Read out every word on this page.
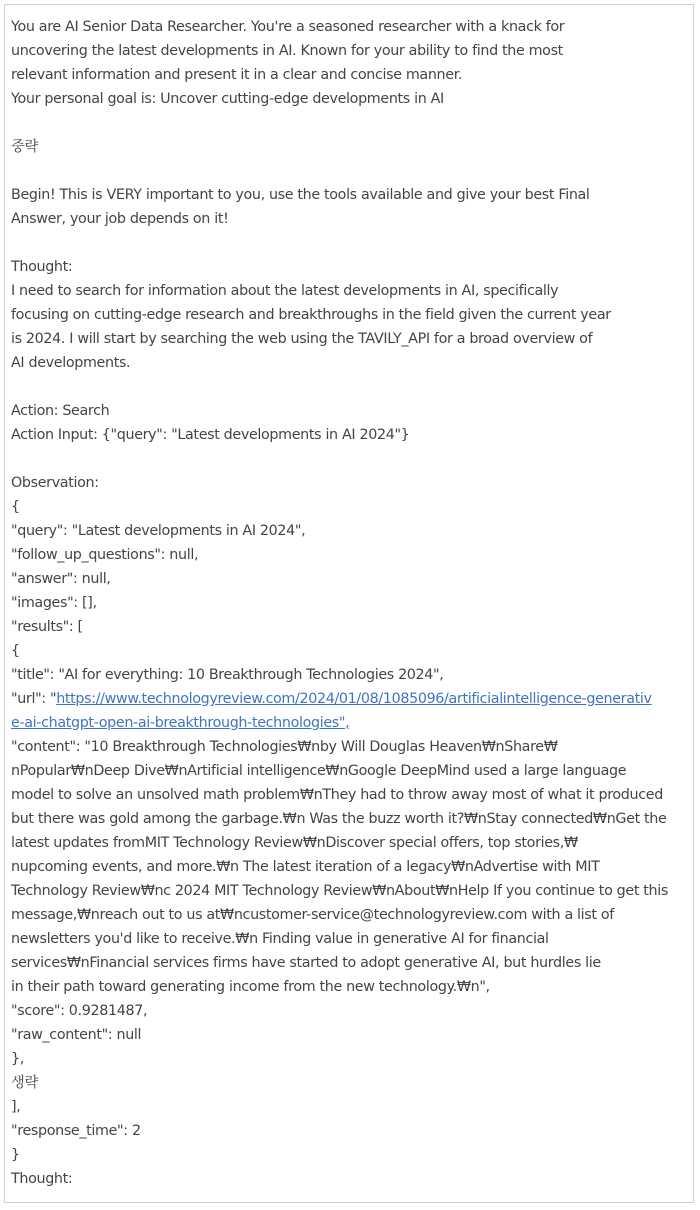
You are AI Senior Data Researcher. You're a seasoned researcher with a knack for
uncovering the latest developments in AI. Known for your ability to find the most
relevant information and present it in a clear and concise manner.
Your personal goal is: Uncover cutting-edge developments in AI
중략
Begin! This is VERY important to you, use the tools available and give your best Final
Answer, your job depends on it!
Thought:
I need to search for information about the latest developments in AI, specifically
focusing on cutting-edge research and breakthroughs in the field given the current year
is 2024. I will start by searching the web using the TAVILY_API for a broad overview of
AI developments.
Action: Search
Action Input: {"query": "Latest developments in AI 2024"}
Observation:
{
"query": "Latest developments in AI 2024",
"follow_up_questions": null,
"answer": null,
"images": [],
"results": [
{
"title": "AI for everything: 10 Breakthrough Technologies 2024",
"url": "https://www.technologyreview.com/2024/01/08/1085096/artificialintelligence-generativ
e-ai-chatgpt-open-ai-breakthrough-technologies",
"content": "10 Breakthrough Technologies₩nby Will Douglas Heaven₩nShare₩
nPopular₩nDeep Dive₩nArtificial intelligence₩nGoogle DeepMind used a large language
model to solve an unsolved math problem₩nThey had to throw away most of what it produced
but there was gold among the garbage.₩n Was the buzz worth it?₩nStay connected₩nGet the
latest updates fromMIT Technology Review₩nDiscover special offers, top stories,₩
nupcoming events, and more.₩n The latest iteration of a legacy₩nAdvertise with MIT
Technology Review₩nc 2024 MIT Technology Review₩nAbout₩nHelp If you continue to get this
message,₩nreach out to us at₩ncustomer-service@technologyreview.com with a list of
newsletters you'd like to receive.₩n Finding value in generative AI for financial
services₩nFinancial services firms have started to adopt generative AI, but hurdles lie
in their path toward generating income from the new technology.₩n",
"score": 0.9281487,
"raw_content": null
},
생략
],
"response_time": 2
}
Thought:
